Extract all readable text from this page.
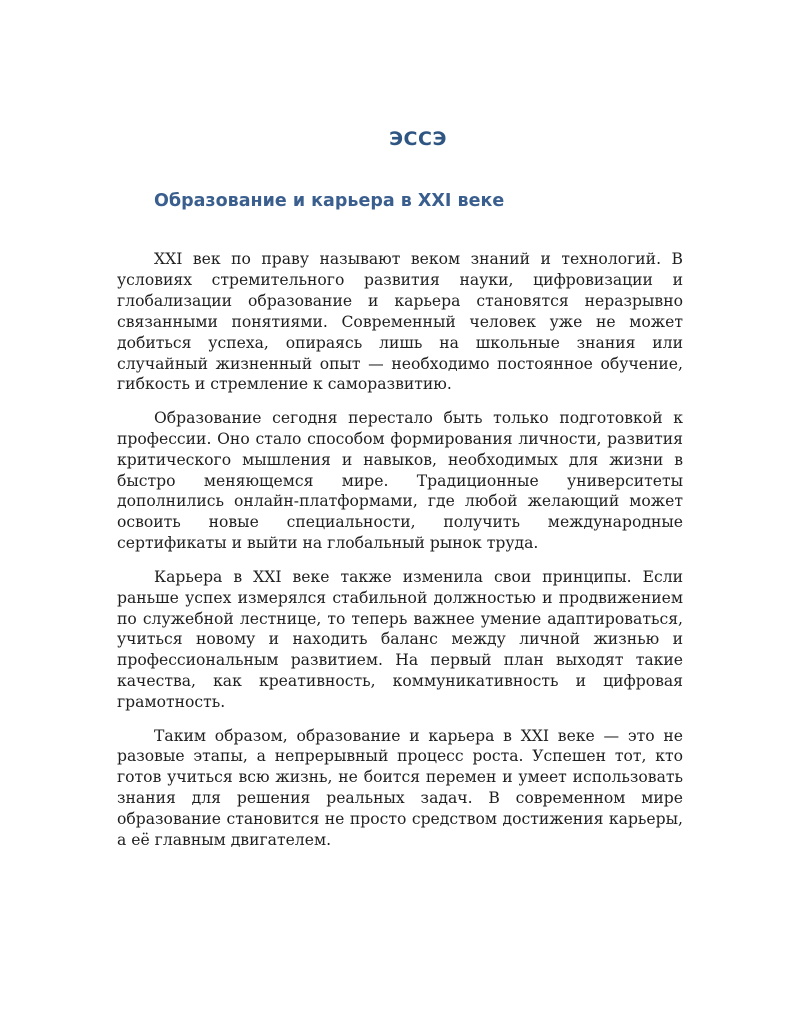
ЭССЭ
Образование и карьера в XXI веке

XXI век по праву называют веком знаний и технологий. В условиях стремительного развития науки, цифровизации и глобализации образование и карьера становятся неразрывно связанными понятиями. Современный человек уже не может добиться успеха, опираясь лишь на школьные знания или случайный жизненный опыт — необходимо постоянное обучение, гибкость и стремление к саморазвитию.

Образование сегодня перестало быть только подготовкой к профессии. Оно стало способом формирования личности, развития критического мышления и навыков, необходимых для жизни в быстро меняющемся мире. Традиционные университеты дополнились онлайн-платформами, где любой желающий может освоить новые специальности, получить международные сертификаты и выйти на глобальный рынок труда.

Карьера в XXI веке также изменила свои принципы. Если раньше успех измерялся стабильной должностью и продвижением по служебной лестнице, то теперь важнее умение адаптироваться, учиться новому и находить баланс между личной жизнью и профессиональным развитием. На первый план выходят такие качества, как креативность, коммуникативность и цифровая грамотность.

Таким образом, образование и карьера в XXI веке — это не разовые этапы, а непрерывный процесс роста. Успешен тот, кто готов учиться всю жизнь, не боится перемен и умеет использовать знания для решения реальных задач. В современном мире образование становится не просто средством достижения карьеры, а её главным двигателем.
